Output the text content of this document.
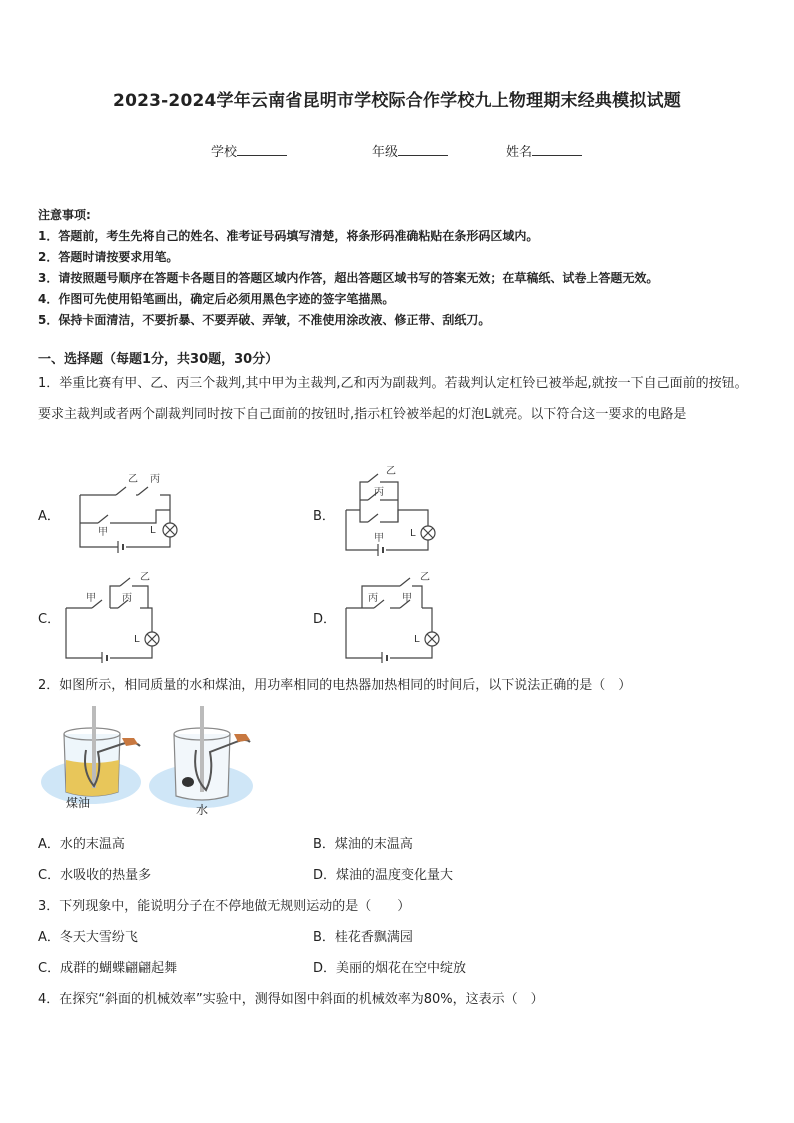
2023-2024学年云南省昆明市学校际合作学校九上物理期末经典模拟试题
学校	年级	姓名
注意事项:
1．答题前，考生先将自己的姓名、准考证号码填写清楚，将条形码准确粘贴在条形码区域内。
2．答题时请按要求用笔。
3．请按照题号顺序在答题卡各题目的答题区域内作答，超出答题区域书写的答案无效；在草稿纸、试卷上答题无效。
4．作图可先使用铅笔画出，确定后必须用黑色字迹的签字笔描黑。
5．保持卡面清洁，不要折暴、不要弄破、弄皱，不准使用涂改液、修正带、刮纸刀。
一、选择题（每题1分，共30题，30分）
1．举重比赛有甲、乙、丙三个裁判,其中甲为主裁判,乙和丙为副裁判。若裁判认定杠铃已被举起,就按一下自己面前的按钮。要求主裁判或者两个副裁判同时按下自己面前的按钮时,指示杠铃被举起的灯泡L就亮。以下符合这一要求的电路是
A．	B．
C．	D．
乙 丙
甲	L
乙
丙
甲	L
乙
丙
甲
L
乙
丙 甲
L
2．如图所示，相同质量的水和煤油，用功率相同的电热器加热相同的时间后，以下说法正确的是（　）
煤油	水
A．水的末温高	B．煤油的末温高
C．水吸收的热量多	D．煤油的温度变化量大
3．下列现象中，能说明分子在不停地做无规则运动的是（　　）
A．冬天大雪纷飞	B．桂花香飘满园
C．成群的蝴蝶翩翩起舞	D．美丽的烟花在空中绽放
4．在探究“斜面的机械效率”实验中，测得如图中斜面的机械效率为80%，这表示（　）
